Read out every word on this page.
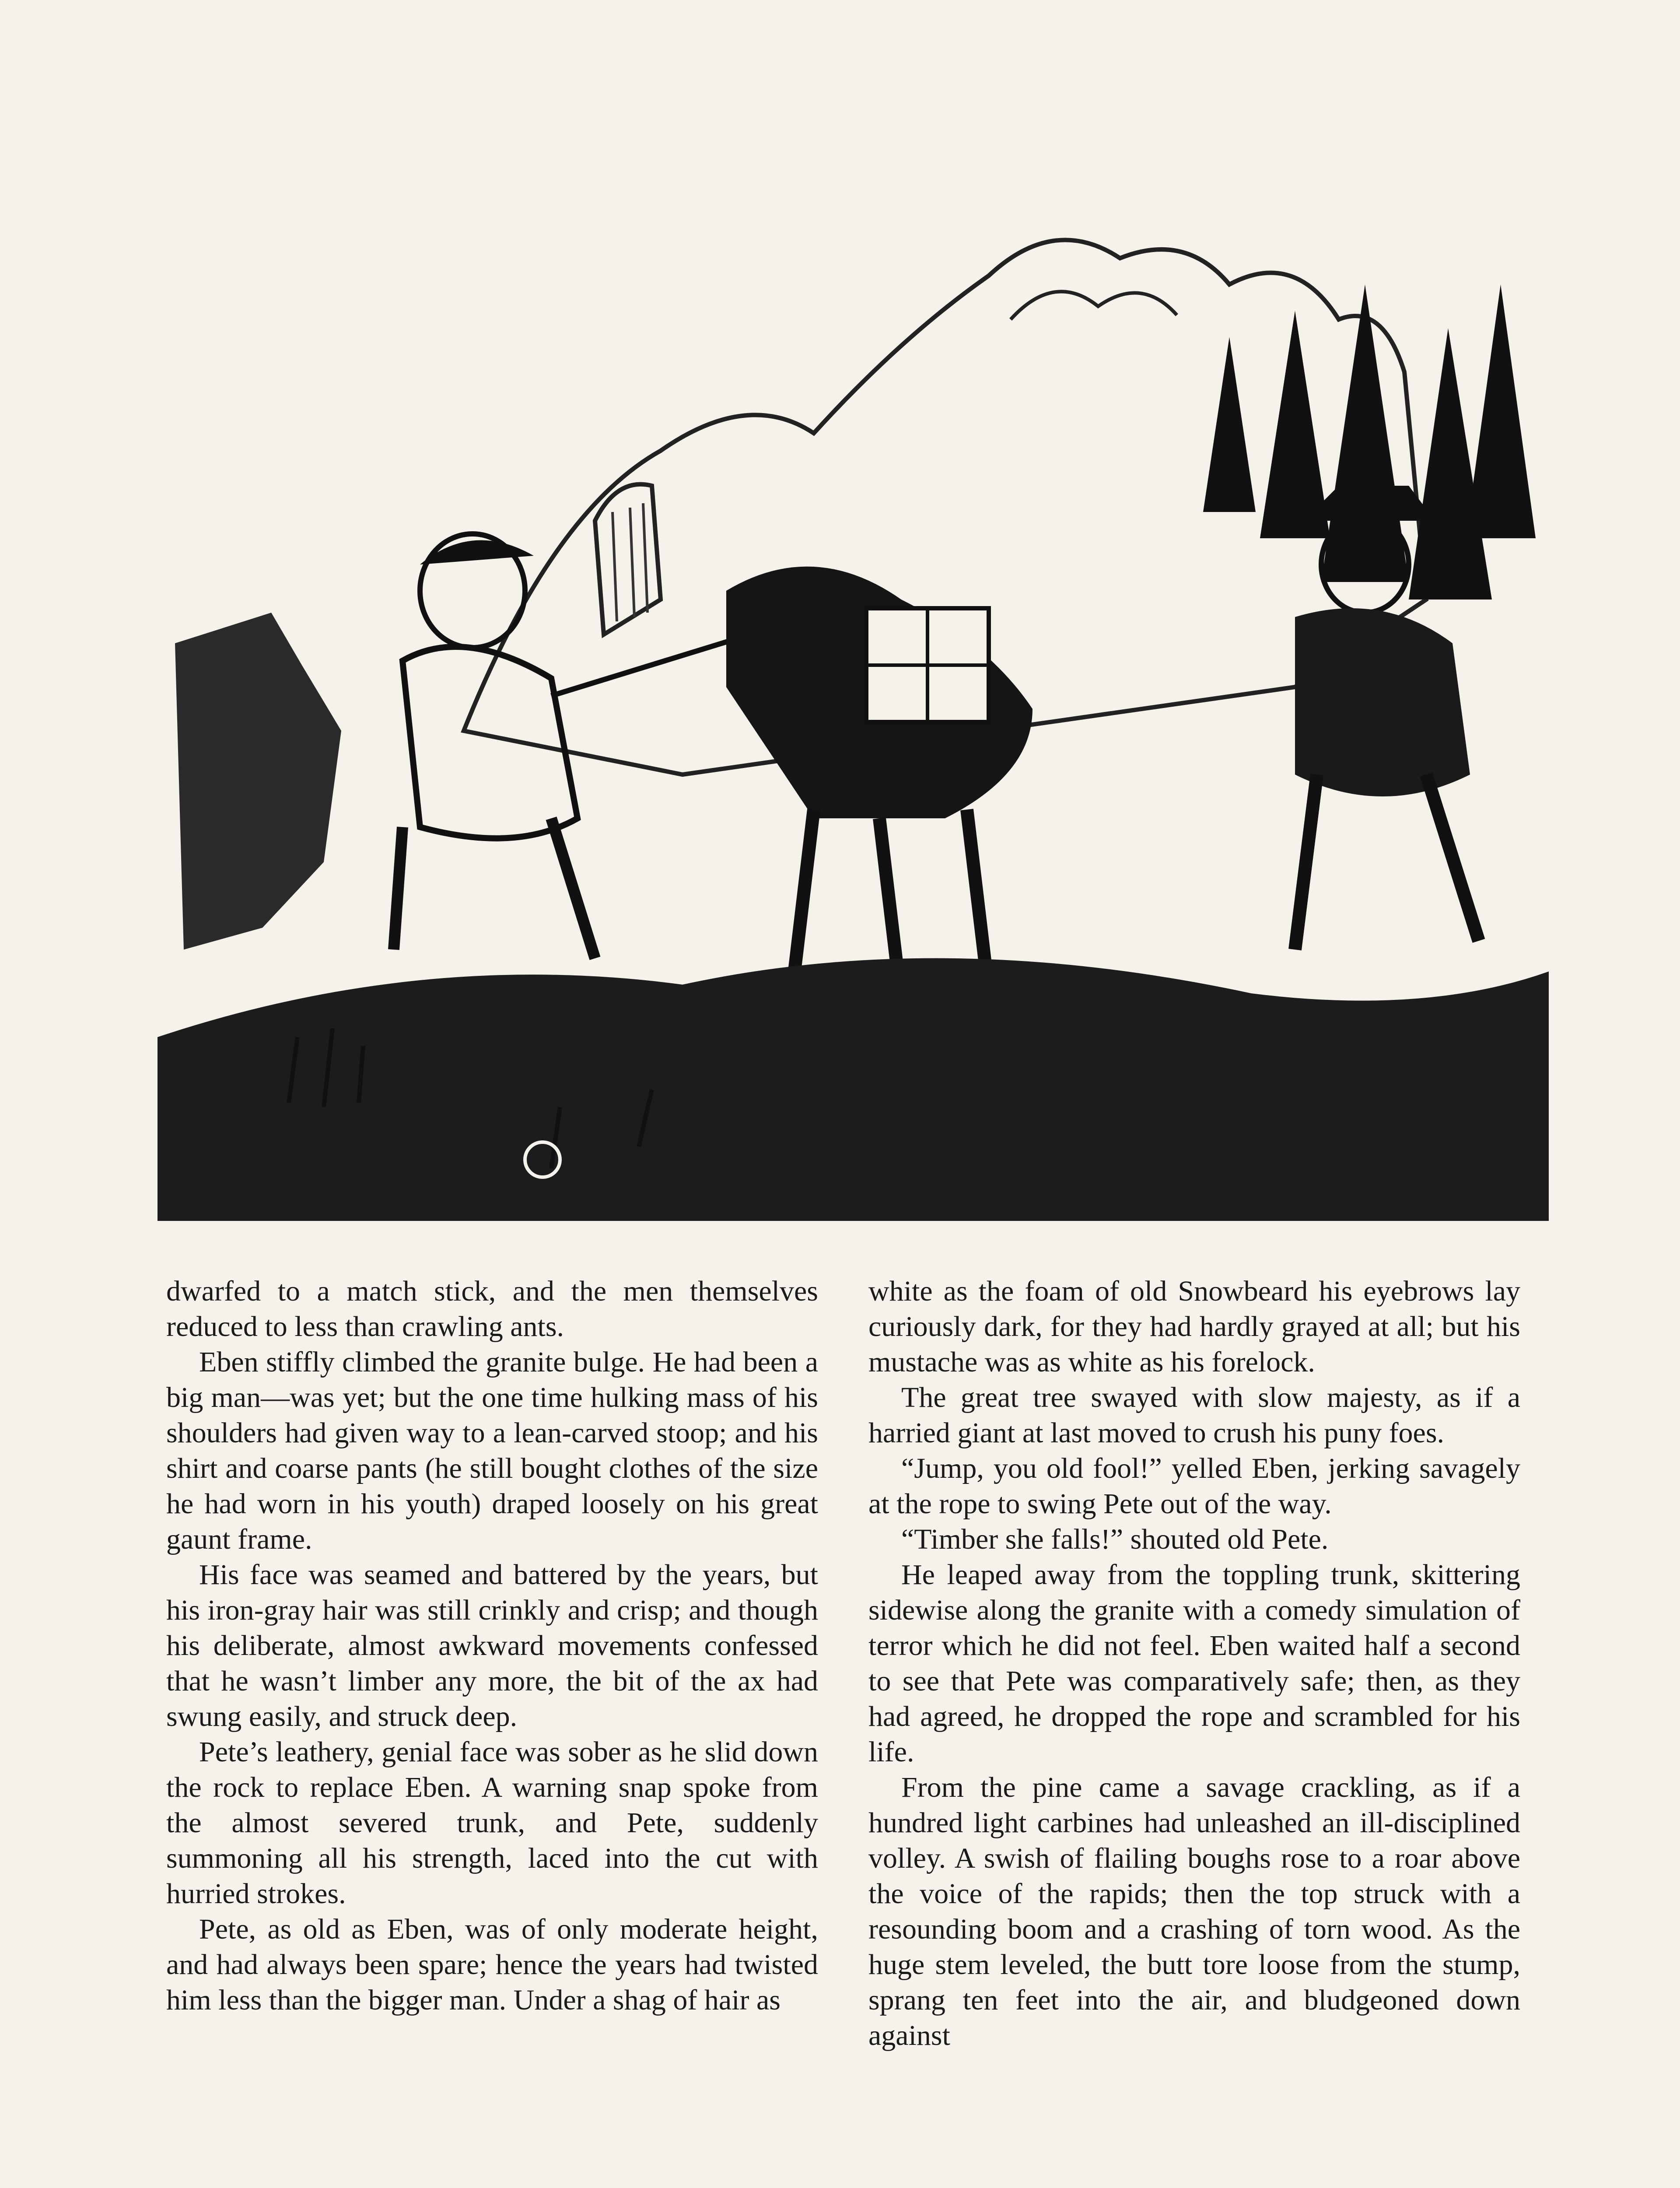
dwarfed to a match stick, and the men themselves reduced to less than crawling ants.

Eben stiffly climbed the granite bulge. He had been a big man—was yet; but the one time hulking mass of his shoulders had given way to a lean-carved stoop; and his shirt and coarse pants (he still bought clothes of the size he had worn in his youth) draped loosely on his great gaunt frame.

His face was seamed and battered by the years, but his iron-gray hair was still crinkly and crisp; and though his deliberate, almost awkward movements confessed that he wasn’t limber any more, the bit of the ax had swung easily, and struck deep.

Pete’s leathery, genial face was sober as he slid down the rock to replace Eben. A warning snap spoke from the almost severed trunk, and Pete, suddenly summoning all his strength, laced into the cut with hurried strokes.

Pete, as old as Eben, was of only moderate height, and had always been spare; hence the years had twisted him less than the bigger man. Under a shag of hair as

white as the foam of old Snowbeard his eyebrows lay curiously dark, for they had hardly grayed at all; but his mustache was as white as his forelock.

The great tree swayed with slow majesty, as if a harried giant at last moved to crush his puny foes.

“Jump, you old fool!” yelled Eben, jerking savagely at the rope to swing Pete out of the way.

“Timber she falls!” shouted old Pete.

He leaped away from the toppling trunk, skittering sidewise along the granite with a comedy simulation of terror which he did not feel. Eben waited half a second to see that Pete was comparatively safe; then, as they had agreed, he dropped the rope and scrambled for his life.

From the pine came a savage crackling, as if a hundred light carbines had unleashed an ill-disciplined volley. A swish of flailing boughs rose to a roar above the voice of the rapids; then the top struck with a resounding boom and a crashing of torn wood. As the huge stem leveled, the butt tore loose from the stump, sprang ten feet into the air, and bludgeoned down against
